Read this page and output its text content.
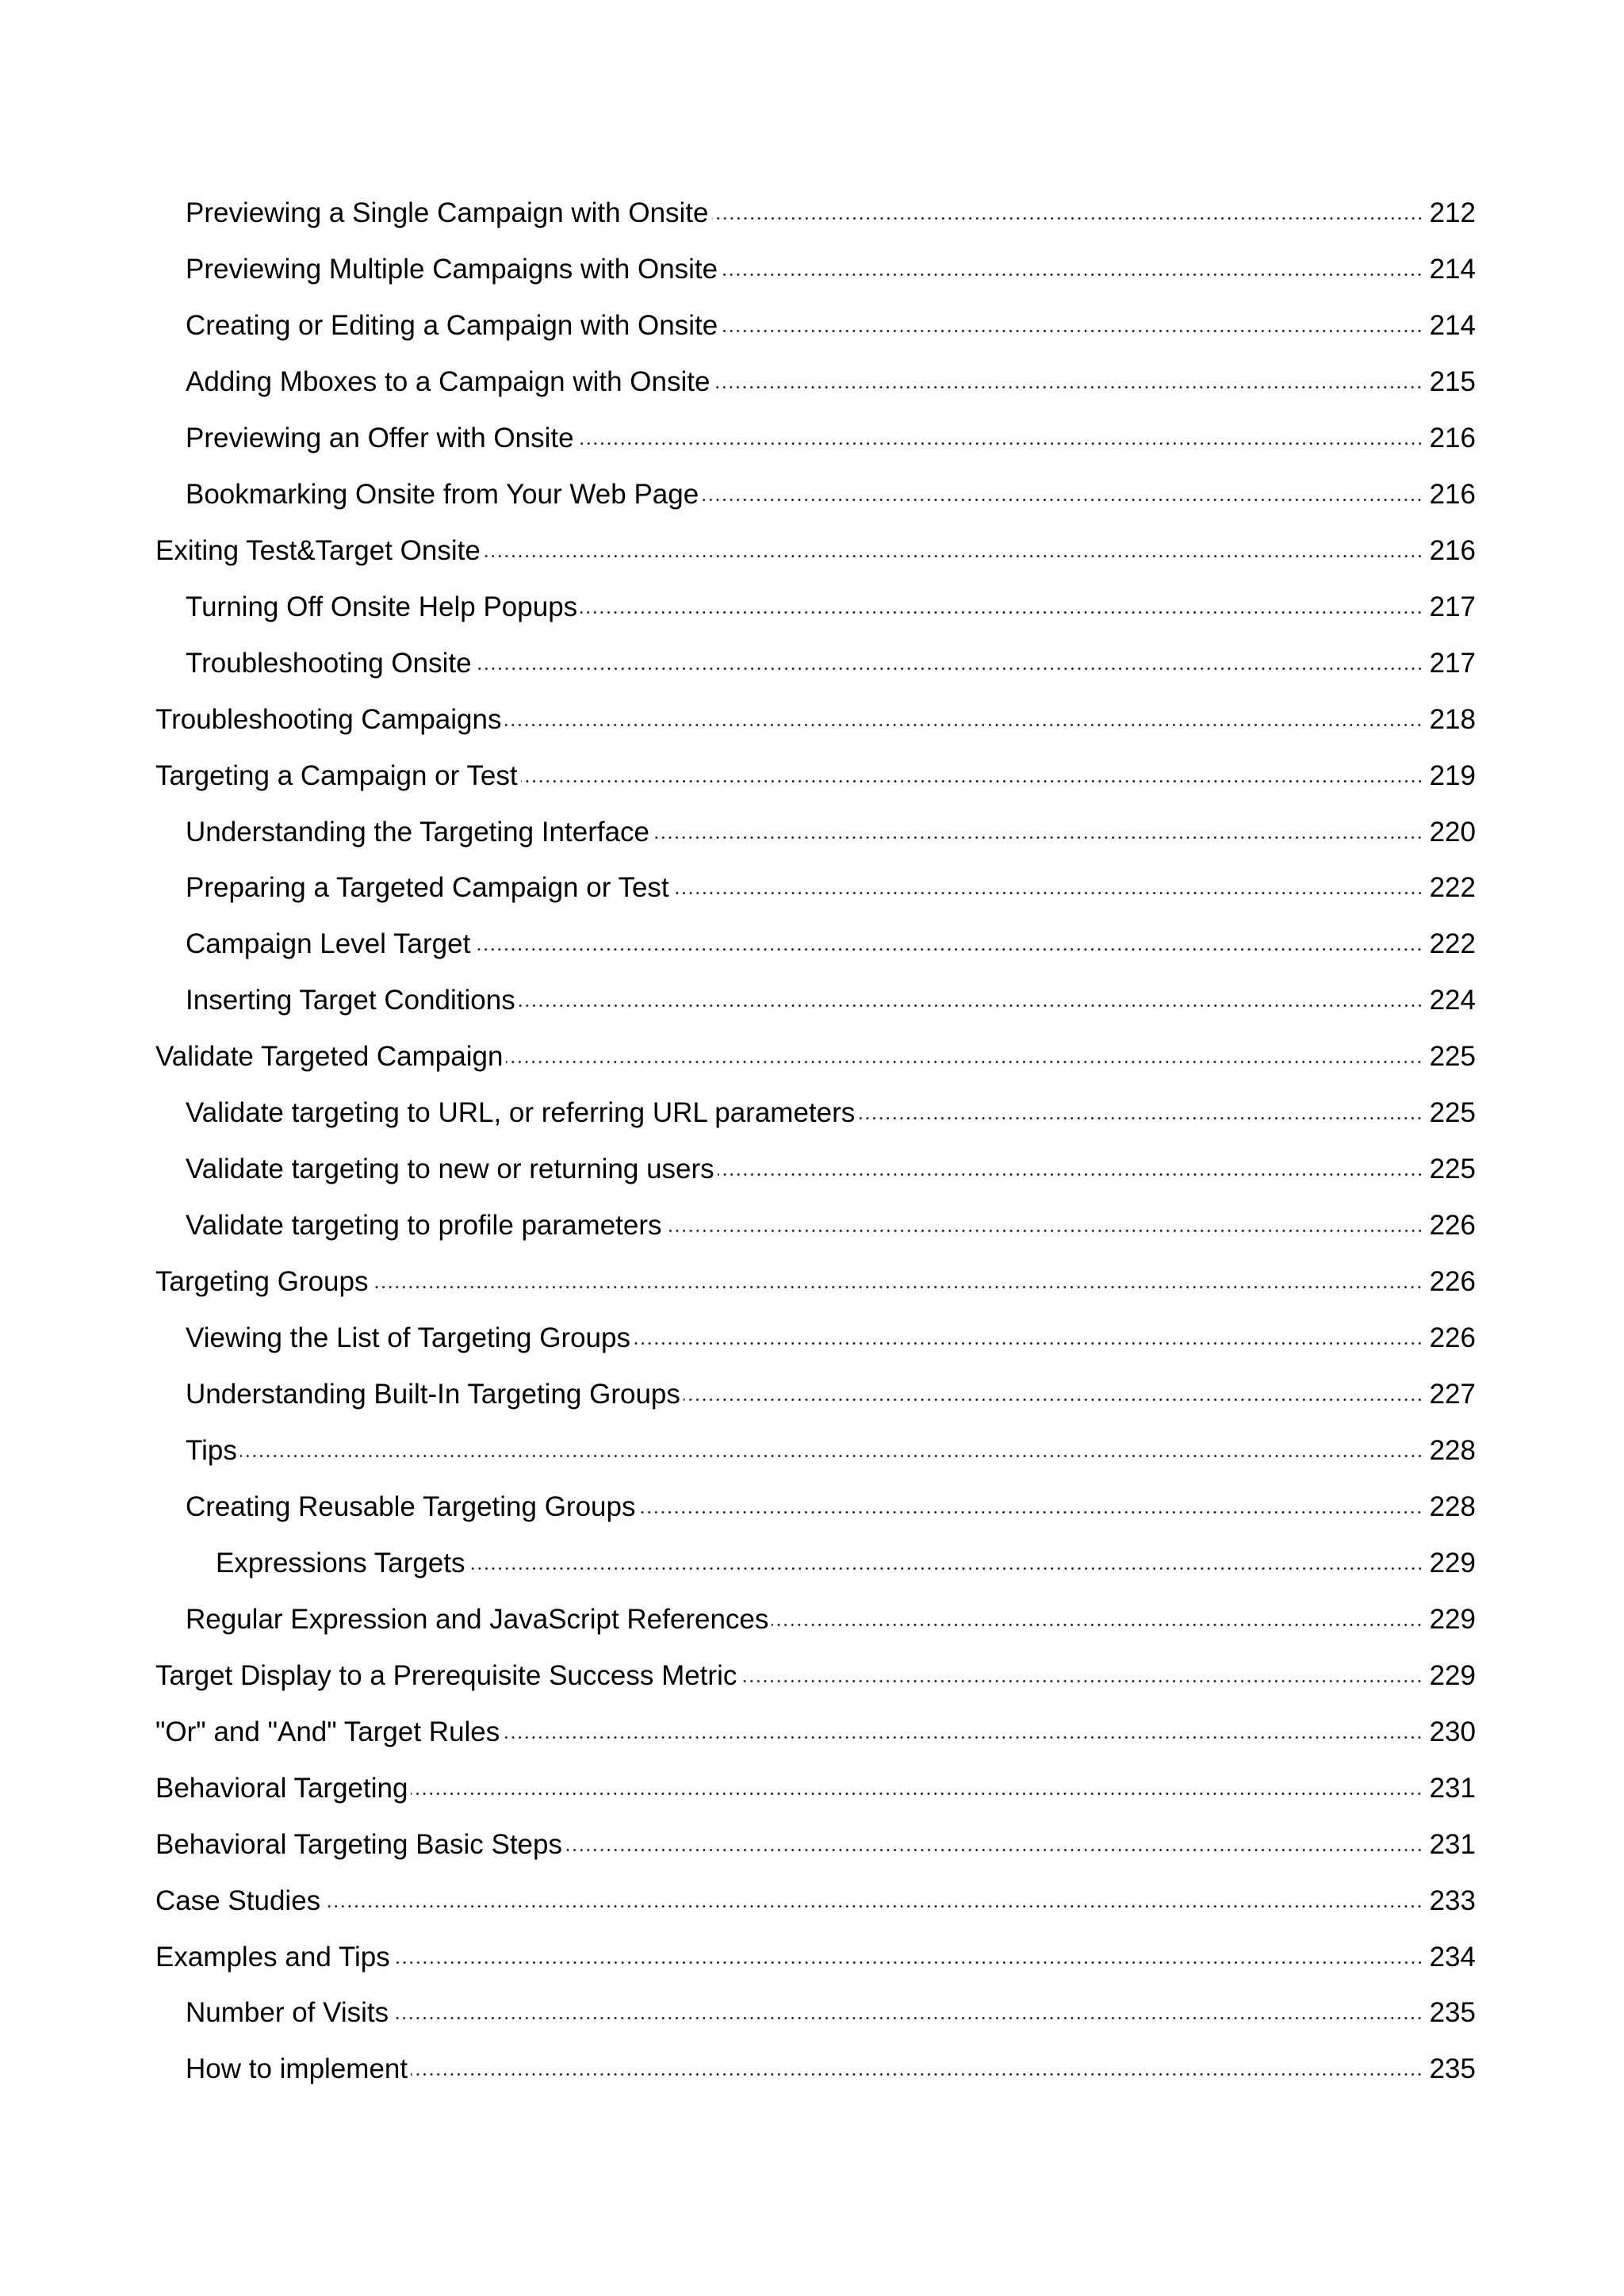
Previewing a Single Campaign with Onsite	212
Previewing Multiple Campaigns with Onsite	214
Creating or Editing a Campaign with Onsite	214
Adding Mboxes to a Campaign with Onsite	215
Previewing an Offer with Onsite	216
Bookmarking Onsite from Your Web Page	216
Exiting Test&Target Onsite	216
Turning Off Onsite Help Popups	217
Troubleshooting Onsite	217
Troubleshooting Campaigns	218
Targeting a Campaign or Test	219
Understanding the Targeting Interface	220
Preparing a Targeted Campaign or Test	222
Campaign Level Target	222
Inserting Target Conditions	224
Validate Targeted Campaign	225
Validate targeting to URL, or referring URL parameters	225
Validate targeting to new or returning users	225
Validate targeting to profile parameters	226
Targeting Groups	226
Viewing the List of Targeting Groups	226
Understanding Built-In Targeting Groups	227
Tips	228
Creating Reusable Targeting Groups	228
Expressions Targets	229
Regular Expression and JavaScript References	229
Target Display to a Prerequisite Success Metric	229
"Or" and "And" Target Rules	230
Behavioral Targeting	231
Behavioral Targeting Basic Steps	231
Case Studies	233
Examples and Tips	234
Number of Visits	235
How to implement	235
